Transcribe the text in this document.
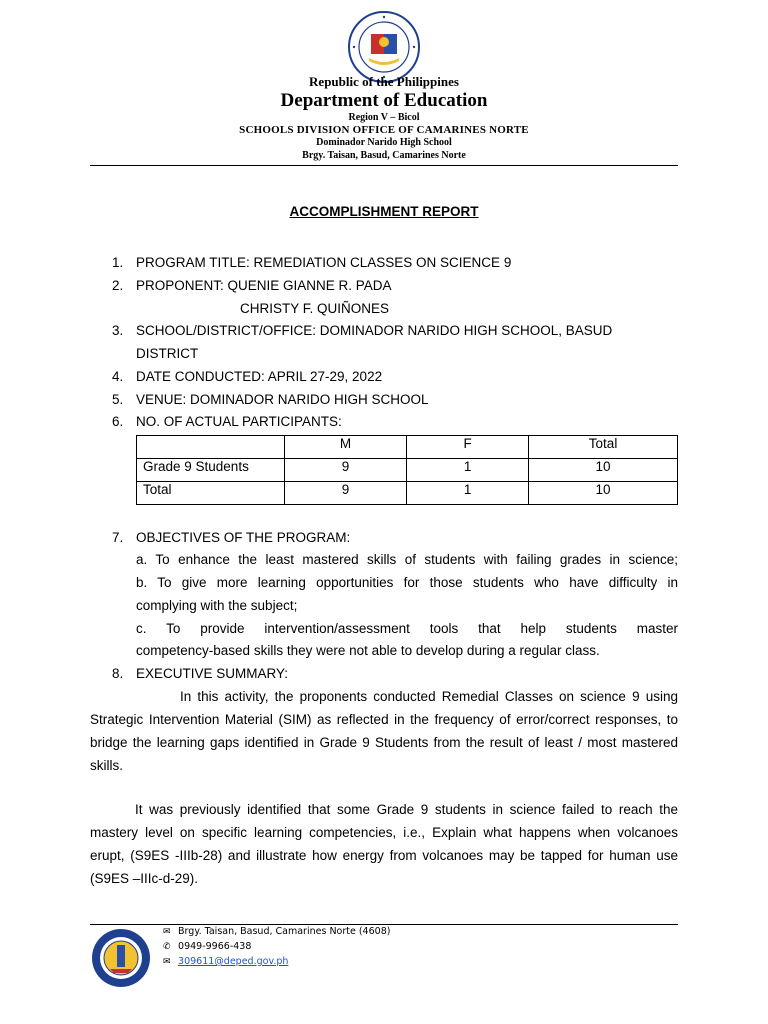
Republic of the Philippines
Department of Education
Region V – Bicol
SCHOOLS DIVISION OFFICE OF CAMARINES NORTE
Dominador Narido High School
Brgy. Taisan, Basud, Camarines Norte
ACCOMPLISHMENT REPORT
1. PROGRAM TITLE: REMEDIATION CLASSES ON SCIENCE 9
2. PROPONENT: QUENIE GIANNE R. PADA
CHRISTY F. QUIÑONES
3. SCHOOL/DISTRICT/OFFICE: DOMINADOR NARIDO HIGH SCHOOL, BASUD
DISTRICT
4. DATE CONDUCTED: APRIL 27-29, 2022
5. VENUE: DOMINADOR NARIDO HIGH SCHOOL
6. NO. OF ACTUAL PARTICIPANTS:
	M	F	Total
Grade 9 Students	9	1	10
Total	9	1	10
7. OBJECTIVES OF THE PROGRAM:
a. To enhance the least mastered skills of students with failing grades in science;
b. To give more learning opportunities for those students who have difficulty in
complying with the subject;
c. To provide intervention/assessment tools that help students master
competency-based skills they were not able to develop during a regular class.
8. EXECUTIVE SUMMARY:
In this activity, the proponents conducted Remedial Classes on science 9 using Strategic Intervention Material (SIM) as reflected in the frequency of error/correct responses, to bridge the learning gaps identified in Grade 9 Students from the result of least / most mastered skills.
It was previously identified that some Grade 9 students in science failed to reach the mastery level on specific learning competencies, i.e., Explain what happens when volcanoes erupt, (S9ES -IIIb-28) and illustrate how energy from volcanoes may be tapped for human use (S9ES –IIIc-d-29).
✉ Brgy. Taisan, Basud, Camarines Norte (4608)
✆ 0949-9966-438
✉ 309611@deped.gov.ph
